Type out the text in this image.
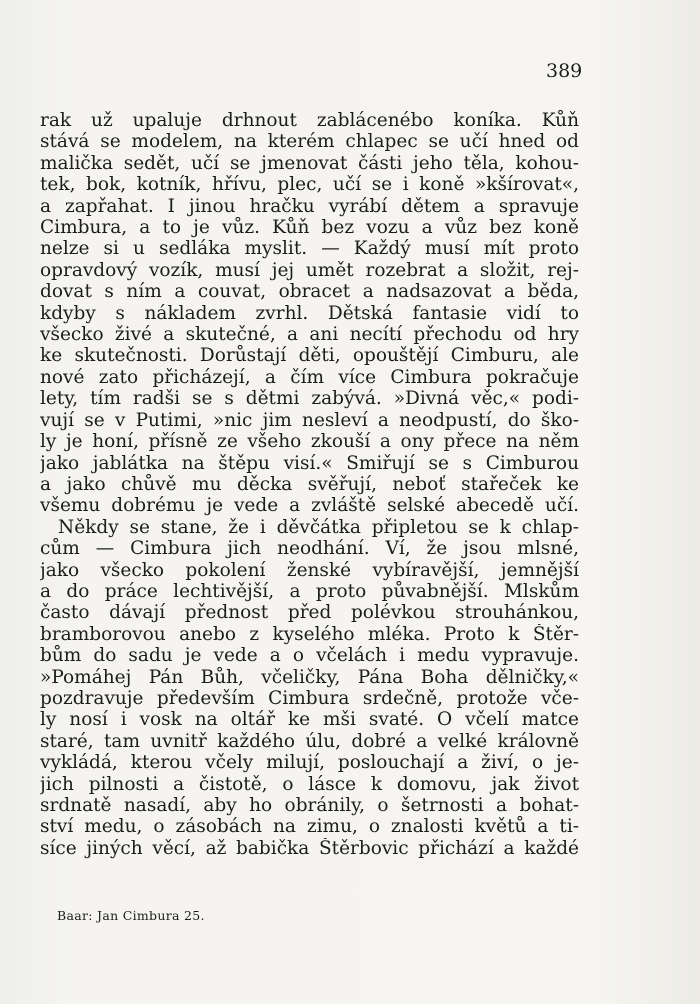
389
rak už upaluje drhnout zablácenébo koníka. Kůň
stává se modelem, na kterém chlapec se učí hned od
malička sedět, učí se jmenovat části jeho těla, kohou-
tek, bok, kotník, hřívu, plec, učí se i koně »kšírovat«,
a zapřahat. I jinou hračku vyrábí dětem a spravuje
Cimbura, a to je vůz. Kůň bez vozu a vůz bez koně
nelze si u sedláka myslit. — Každý musí mít proto
opravdový vozík, musí jej umět rozebrat a složit, rej-
dovat s ním a couvat, obracet a nadsazovat a běda,
kdyby s nákladem zvrhl. Dětská fantasie vidí to
všecko živé a skutečné, a ani necítí přechodu od hry
ke skutečnosti. Dorůstají děti, opouštějí Cimburu, ale
nové zato přicházejí, a čím více Cimbura pokračuje
lety, tím radši se s dětmi zabývá. »Divná věc,« podi-
vují se v Putimi, »nic jim nesleví a neodpustí, do ško-
ly je honí, přísně ze všeho zkouší a ony přece na něm
jako jablátka na štěpu visí.« Smiřují se s Cimburou
a jako chůvě mu děcka svěřují, neboť stařeček ke
všemu dobrému je vede a zvláště selské abecedě učí.
Někdy se stane, že i děvčátka připletou se k chlap-
cům — Cimbura jich neodhání. Ví, že jsou mlsné,
jako všecko pokolení ženské vybíravější, jemnější
a do práce lechtivější, a proto půvabnější. Mlskům
často dávají přednost před polévkou strouhánkou,
bramborovou anebo z kyselého mléka. Proto k Štěr-
bům do sadu je vede a o včelách i medu vypravuje.
»Pomáhej Pán Bůh, včeličky, Pána Boha dělničky,«
pozdravuje především Cimbura srdečně, protože vče-
ly nosí i vosk na oltář ke mši svaté. O včelí matce
staré, tam uvnitř každého úlu, dobré a velké královně
vykládá, kterou včely milují, poslouchají a živí, o je-
jich pilnosti a čistotě, o lásce k domovu, jak život
srdnatě nasadí, aby ho obránily, o šetrnosti a bohat-
ství medu, o zásobách na zimu, o znalosti květů a ti-
síce jiných věcí, až babička Štěrbovic přichází a každé
Baar: Jan Cimbura 25.
